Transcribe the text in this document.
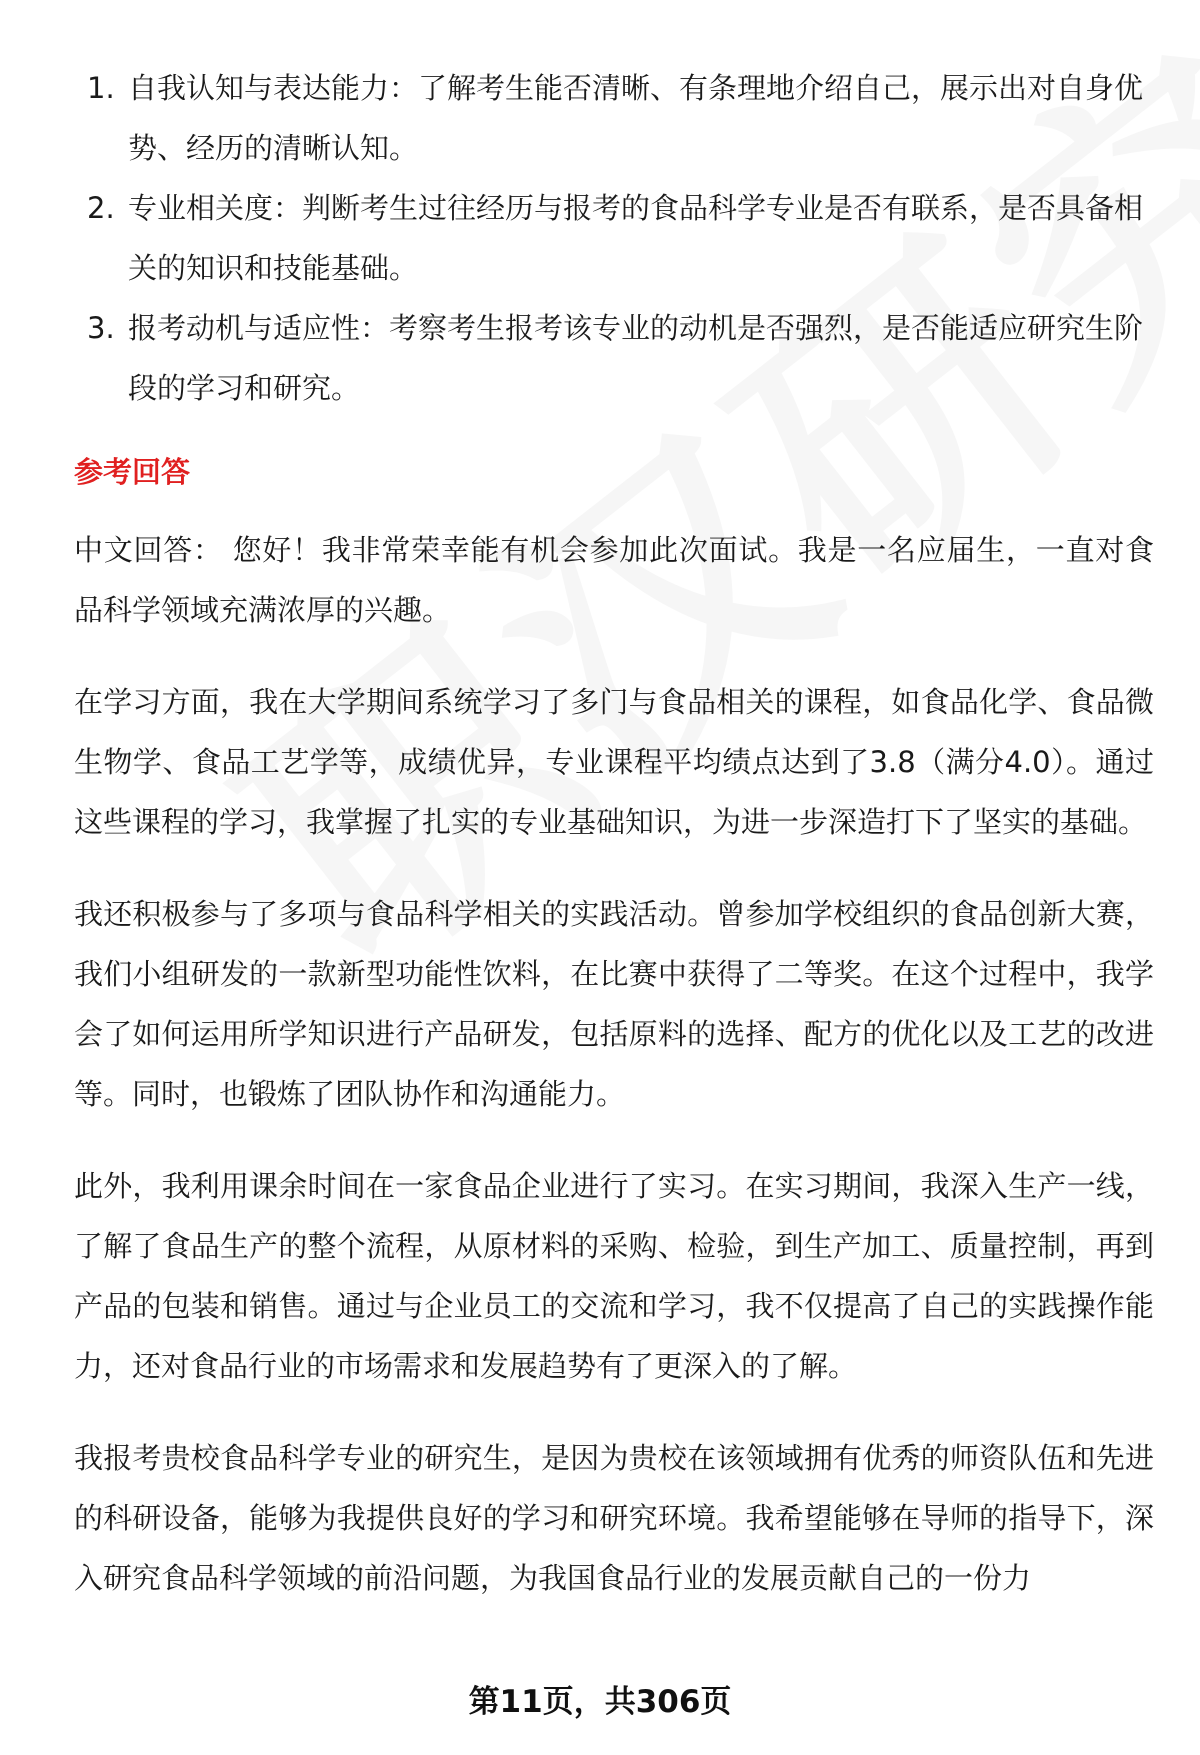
1. 自我认知与表达能力：了解考生能否清晰、有条理地介绍自己，展示出对自身优势、经历的清晰认知。
2. 专业相关度：判断考生过往经历与报考的食品科学专业是否有联系，是否具备相关的知识和技能基础。
3. 报考动机与适应性：考察考生报考该专业的动机是否强烈，是否能适应研究生阶段的学习和研究。
参考回答

中文回答： 您好！我非常荣幸能有机会参加此次面试。我是一名应届生，一直对食品科学领域充满浓厚的兴趣。

在学习方面，我在大学期间系统学习了多门与食品相关的课程，如食品化学、食品微生物学、食品工艺学等，成绩优异，专业课程平均绩点达到了3.8（满分4.0）。通过这些课程的学习，我掌握了扎实的专业基础知识，为进一步深造打下了坚实的基础。

我还积极参与了多项与食品科学相关的实践活动。曾参加学校组织的食品创新大赛，我们小组研发的一款新型功能性饮料，在比赛中获得了二等奖。在这个过程中，我学会了如何运用所学知识进行产品研发，包括原料的选择、配方的优化以及工艺的改进等。同时，也锻炼了团队协作和沟通能力。

此外，我利用课余时间在一家食品企业进行了实习。在实习期间，我深入生产一线，了解了食品生产的整个流程，从原材料的采购、检验，到生产加工、质量控制，再到产品的包装和销售。通过与企业员工的交流和学习，我不仅提高了自己的实践操作能力，还对食品行业的市场需求和发展趋势有了更深入的了解。

我报考贵校食品科学专业的研究生，是因为贵校在该领域拥有优秀的师资队伍和先进的科研设备，能够为我提供良好的学习和研究环境。我希望能够在导师的指导下，深入研究食品科学领域的前沿问题，为我国食品行业的发展贡献自己的一份力

第11页，共306页
